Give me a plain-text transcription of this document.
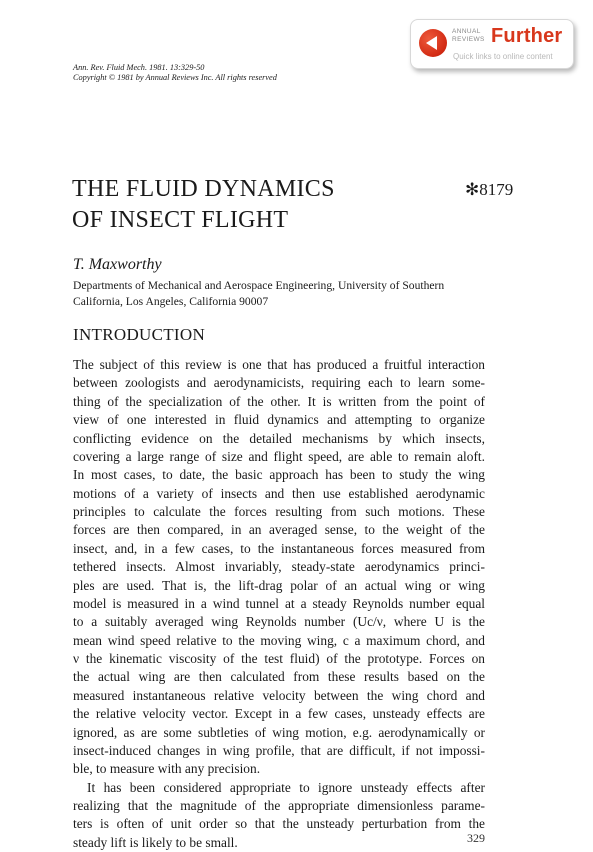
ANNUAL
REVIEWS Further
Quick links to online content
Ann. Rev. Fluid Mech. 1981. 13:329-50
Copyright © 1981 by Annual Reviews Inc. All rights reserved
THE FLUID DYNAMICS
OF INSECT FLIGHT
✻8179
T. Maxworthy
Departments of Mechanical and Aerospace Engineering, University of Southern
California, Los Angeles, California 90007
INTRODUCTION
The subject of this review is one that has produced a fruitful interaction
between zoologists and aerodynamicists, requiring each to learn some-
thing of the specialization of the other. It is written from the point of
view of one interested in fluid dynamics and attempting to organize
conflicting evidence on the detailed mechanisms by which insects,
covering a large range of size and flight speed, are able to remain aloft.
In most cases, to date, the basic approach has been to study the wing
motions of a variety of insects and then use established aerodynamic
principles to calculate the forces resulting from such motions. These
forces are then compared, in an averaged sense, to the weight of the
insect, and, in a few cases, to the instantaneous forces measured from
tethered insects. Almost invariably, steady-state aerodynamics princi-
ples are used. That is, the lift-drag polar of an actual wing or wing
model is measured in a wind tunnel at a steady Reynolds number equal
to a suitably averaged wing Reynolds number (Uc/ν, where U is the
mean wind speed relative to the moving wing, c a maximum chord, and
ν the kinematic viscosity of the test fluid) of the prototype. Forces on
the actual wing are then calculated from these results based on the
measured instantaneous relative velocity between the wing chord and
the relative velocity vector. Except in a few cases, unsteady effects are
ignored, as are some subtleties of wing motion, e.g. aerodynamically or
insect-induced changes in wing profile, that are difficult, if not impossi-
ble, to measure with any precision.
It has been considered appropriate to ignore unsteady effects after
realizing that the magnitude of the appropriate dimensionless parame-
ters is often of unit order so that the unsteady perturbation from the
steady lift is likely to be small.	329
